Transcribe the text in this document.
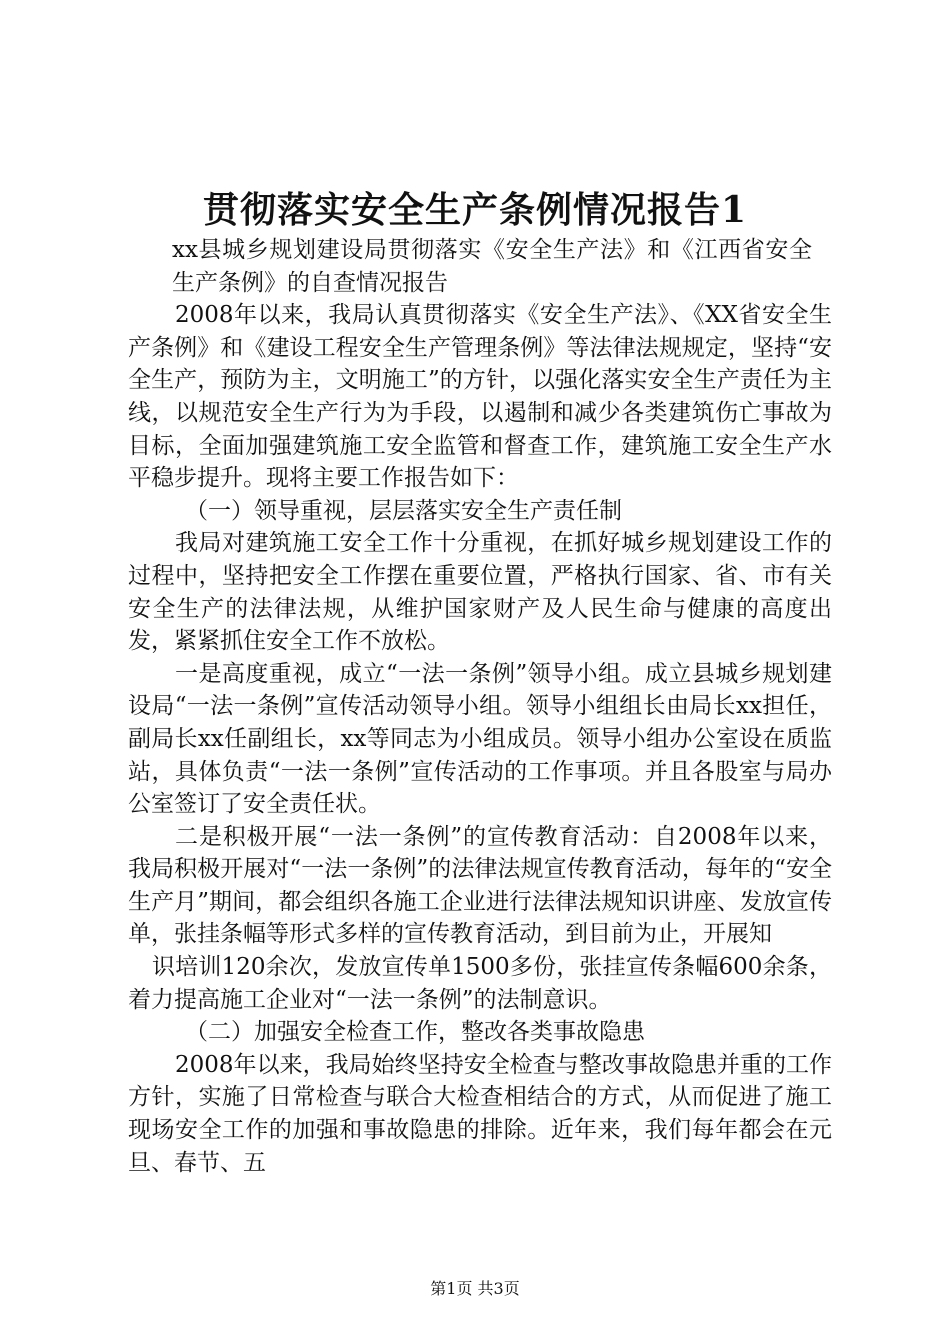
贯彻落实安全生产条例情况报告1

xx县城乡规划建设局贯彻落实《安全生产法》和《江西省安全生产条例》的自查情况报告

2008年以来，我局认真贯彻落实《安全生产法》、《XX省安全生产条例》和《建设工程安全生产管理条例》等法律法规规定，坚持“安全生产，预防为主，文明施工”的方针，以强化落实安全生产责任为主线，以规范安全生产行为为手段，以遏制和减少各类建筑伤亡事故为目标，全面加强建筑施工安全监管和督查工作，建筑施工安全生产水平稳步提升。现将主要工作报告如下：

（一）领导重视，层层落实安全生产责任制

我局对建筑施工安全工作十分重视，在抓好城乡规划建设工作的过程中，坚持把安全工作摆在重要位置，严格执行国家、省、市有关安全生产的法律法规，从维护国家财产及人民生命与健康的高度出发，紧紧抓住安全工作不放松。

一是高度重视，成立“一法一条例”领导小组。成立县城乡规划建设局“一法一条例”宣传活动领导小组。领导小组组长由局长xx担任，副局长xx任副组长，xx等同志为小组成员。领导小组办公室设在质监站，具体负责“一法一条例”宣传活动的工作事项。并且各股室与局办公室签订了安全责任状。

二是积极开展“一法一条例”的宣传教育活动：自2008年以来，我局积极开展对“一法一条例”的法律法规宣传教育活动，每年的“安全生产月”期间，都会组织各施工企业进行法律法规知识讲座、发放宣传单，张挂条幅等形式多样的宣传教育活动，到目前为止，开展知

识培训120余次，发放宣传单1500多份，张挂宣传条幅600余条，着力提高施工企业对“一法一条例”的法制意识。

（二）加强安全检查工作，整改各类事故隐患

2008年以来，我局始终坚持安全检查与整改事故隐患并重的工作方针，实施了日常检查与联合大检查相结合的方式，从而促进了施工现场安全工作的加强和事故隐患的排除。近年来，我们每年都会在元旦、春节、五

第1页 共3页
